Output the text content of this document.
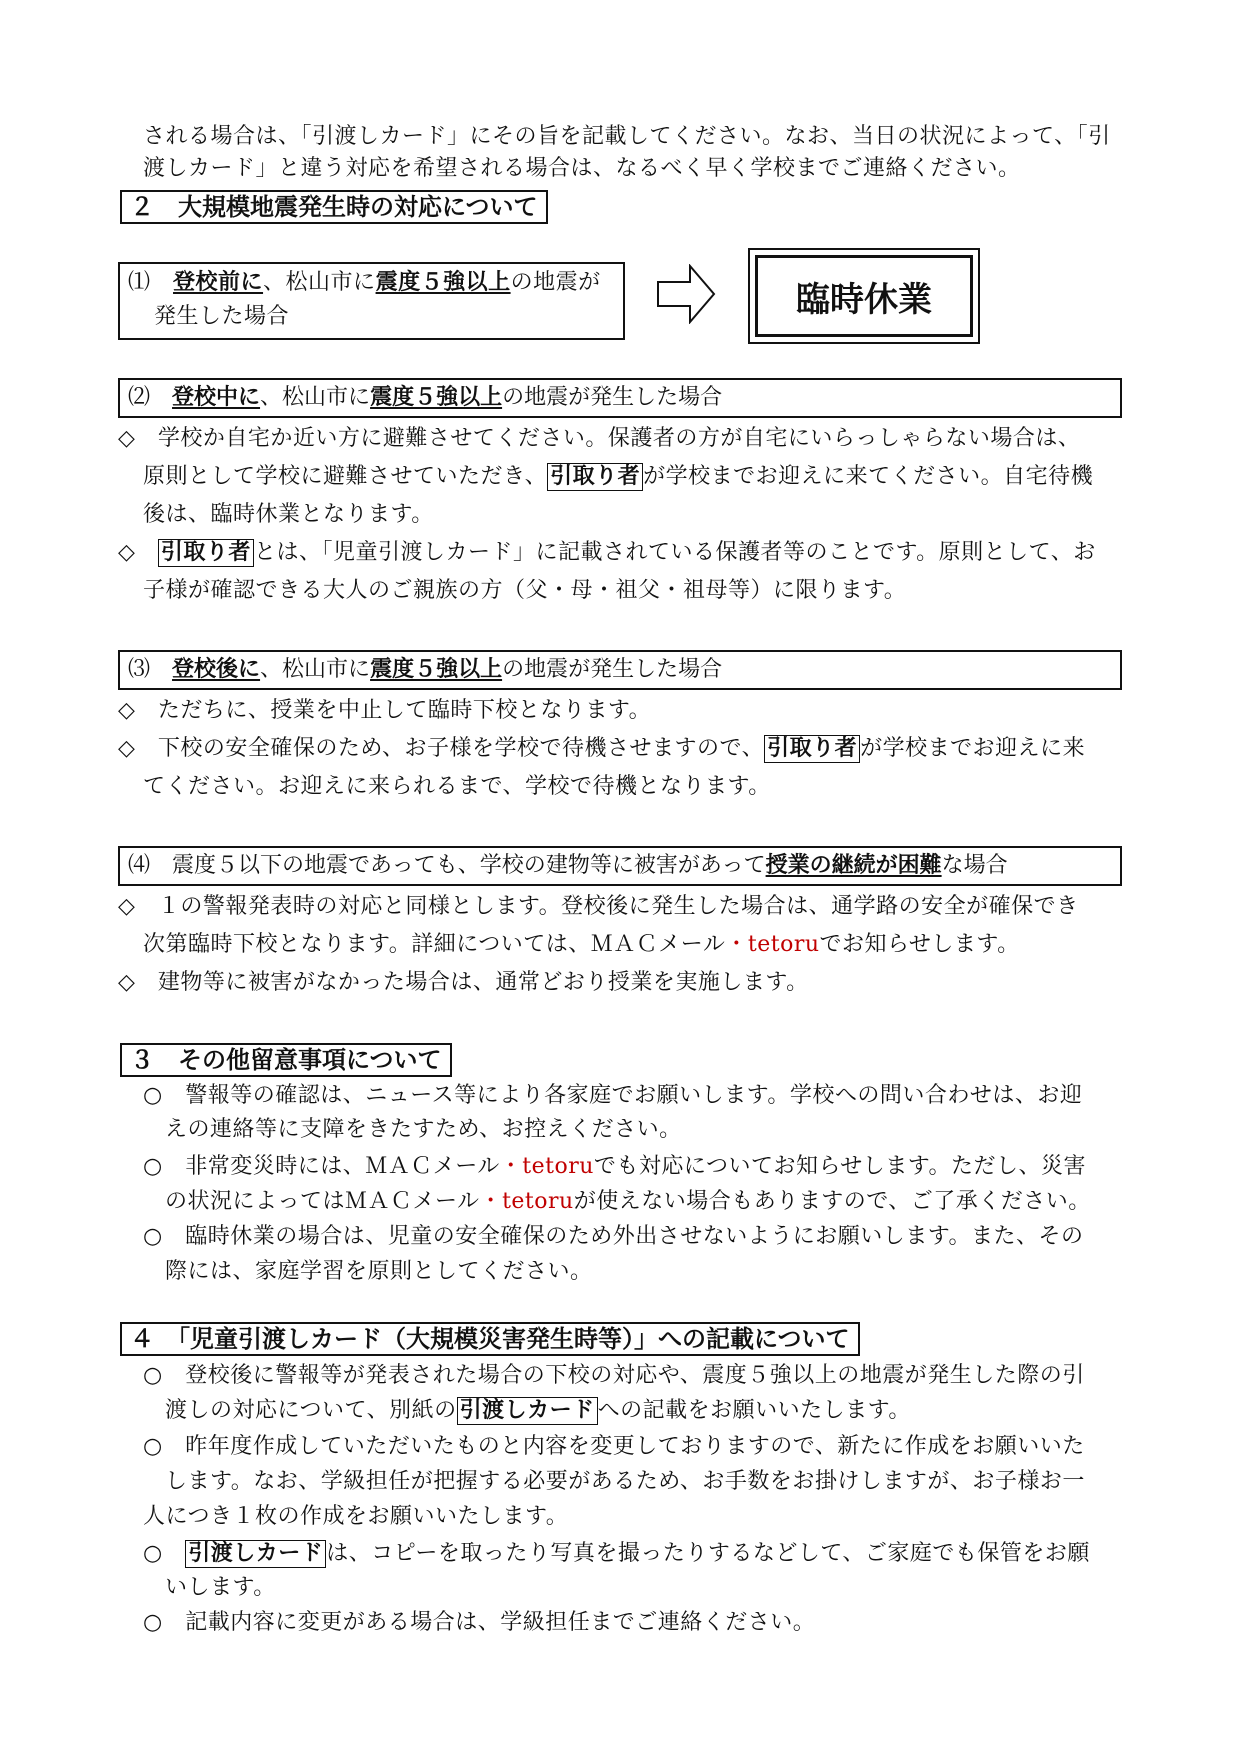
される場合は、「引渡しカード」にその旨を記載してください。なお、当日の状況によって、「引
渡しカード」と違う対応を希望される場合は、なるべく早く学校までご連絡ください。
２　大規模地震発生時の対応について
⑴　 登校前に、松山市に震度５強以上の地震が
発生した場合	臨時休業
⑵　 登校中に、松山市に震度５強以上の地震が発生した場合
◇　学校か自宅か近い方に避難させてください。保護者の方が自宅にいらっしゃらない場合は、
原則として学校に避難させていただき、 引取り者 が学校までお迎えに来てください。自宅待機
後は、臨時休業となります。
◇　引取り者 とは、「児童引渡しカード」に記載されている保護者等のことです。原則として、お
子様が確認できる大人のご親族の方（父・母・祖父・祖母等）に限ります。
⑶　 登校後に、松山市に震度５強以上の地震が発生した場合
◇　ただちに、授業を中止して臨時下校となります。
◇　下校の安全確保のため、お子様を学校で待機させますので、 引取り者 が学校までお迎えに来
てください。お迎えに来られるまで、学校で待機となります。
⑷　 震度５以下の地震であっても、学校の建物等に被害があって授業の継続が困難な場合
◇　１の警報発表時の対応と同様とします。登校後に発生した場合は、通学路の安全が確保でき
次第臨時下校となります。詳細については、ＭＡＣメール・tetoruでお知らせします。
◇　建物等に被害がなかった場合は、通常どおり授業を実施します。
３　その他留意事項について
○　警報等の確認は、ニュース等により各家庭でお願いします。学校への問い合わせは、お迎
えの連絡等に支障をきたすため、お控えください。
○　非常変災時には、ＭＡＣメール・tetoruでも対応についてお知らせします。ただし、災害
の状況によってはＭＡＣメール・tetoruが使えない場合もありますので、ご了承ください。
○　臨時休業の場合は、児童の安全確保のため外出させないようにお願いします。また、その
際には、家庭学習を原則としてください。
４　「児童引渡しカード（大規模災害発生時等）」への記載について
○　登校後に警報等が発表された場合の下校の対応や、震度５強以上の地震が発生した際の引
渡しの対応について、別紙の 引渡しカード への記載をお願いいたします。
○　昨年度作成していただいたものと内容を変更しておりますので、新たに作成をお願いいた
します。なお、学級担任が把握する必要があるため、お手数をお掛けしますが、お子様お一
人につき１枚の作成をお願いいたします。
○　引渡しカード は、コピーを取ったり写真を撮ったりするなどして、ご家庭でも保管をお願
いします。
○　記載内容に変更がある場合は、学級担任までご連絡ください。
